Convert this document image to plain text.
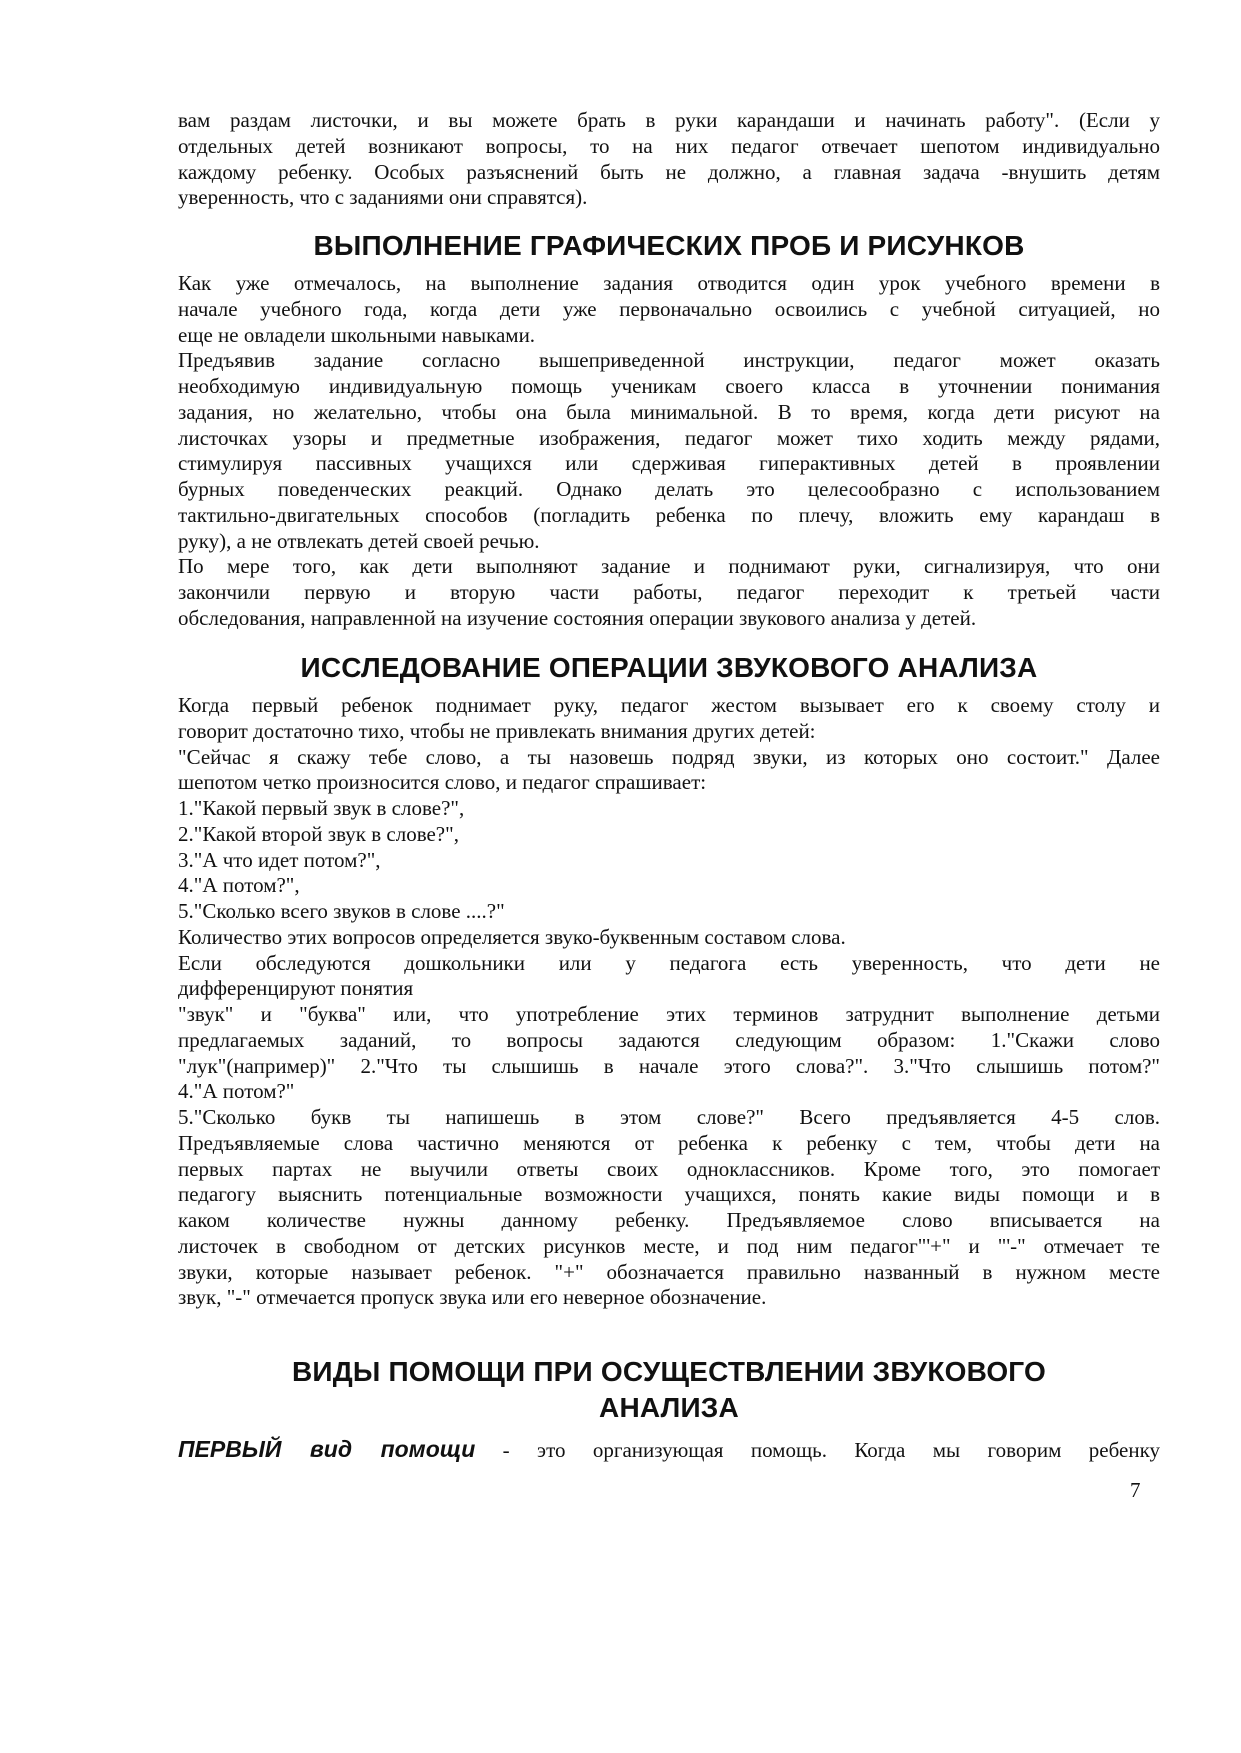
вам раздам листочки, и вы можете брать в руки карандаши и начинать работу". (Если у
отдельных детей возникают вопросы, то на них педагог отвечает шепотом индивидуально
каждому ребенку. Особых разъяснений быть не должно, а главная задача -внушить детям
уверенность, что с заданиями они справятся).
ВЫПОЛНЕНИЕ ГРАФИЧЕСКИХ ПРОБ И РИСУНКОВ
Как уже отмечалось, на выполнение задания отводится один урок учебного времени в
начале учебного года, когда дети уже первоначально освоились с учебной ситуацией, но
еще не овладели школьными навыками.
Предъявив задание согласно вышеприведенной инструкции, педагог может оказать
необходимую индивидуальную помощь ученикам своего класса в уточнении понимания
задания, но желательно, чтобы она была минимальной. В то время, когда дети рисуют на
листочках узоры и предметные изображения, педагог может тихо ходить между рядами,
стимулируя пассивных учащихся или сдерживая гиперактивных детей в проявлении
бурных поведенческих реакций. Однако делать это целесообразно с использованием
тактильно-двигательных способов (погладить ребенка по плечу, вложить ему карандаш в
руку), а не отвлекать детей своей речью.
По мере того, как дети выполняют задание и поднимают руки, сигнализируя, что они
закончили первую и вторую части работы, педагог переходит к третьей части
обследования, направленной на изучение состояния операции звукового анализа у детей.
ИССЛЕДОВАНИЕ ОПЕРАЦИИ ЗВУКОВОГО АНАЛИЗА
Когда первый ребенок поднимает руку, педагог жестом вызывает его к своему столу и
говорит достаточно тихо, чтобы не привлекать внимания других детей:
"Сейчас я скажу тебе слово, а ты назовешь подряд звуки, из которых оно состоит." Далее
шепотом четко произносится слово, и педагог спрашивает:
1."Какой первый звук в слове?",
2."Какой второй звук в слове?",
3."А что идет потом?",
4."А потом?",
5."Сколько всего звуков в слове ....?"
Количество этих вопросов определяется звуко-буквенным составом слова.
Если обследуются дошкольники или у педагога есть уверенность, что дети не
дифференцируют понятия
"звук" и "буква" или, что употребление этих терминов затруднит выполнение детьми
предлагаемых заданий, то вопросы задаются следующим образом: 1."Скажи слово
"лук"(например)" 2."Что ты слышишь в начале этого слова?". 3."Что слышишь потом?"
4."А потом?"
5."Сколько букв ты напишешь в этом слове?" Всего предъявляется 4-5 слов.
Предъявляемые слова частично меняются от ребенка к ребенку с тем, чтобы дети на
первых партах не выучили ответы своих одноклассников. Кроме того, это помогает
педагогу выяснить потенциальные возможности учащихся, понять какие виды помощи и в
каком количестве нужны данному ребенку. Предъявляемое слово вписывается на
листочек в свободном от детских рисунков месте, и под ним педагог"'+" и "'-" отмечает те
звуки, которые называет ребенок. "+" обозначается правильно названный в нужном месте
звук, "-" отмечается пропуск звука или его неверное обозначение.
ВИДЫ ПОМОЩИ ПРИ ОСУЩЕСТВЛЕНИИ ЗВУКОВОГО
АНАЛИЗА
ПЕРВЫЙ вид помощи - это организующая помощь. Когда мы говорим ребенку
7
